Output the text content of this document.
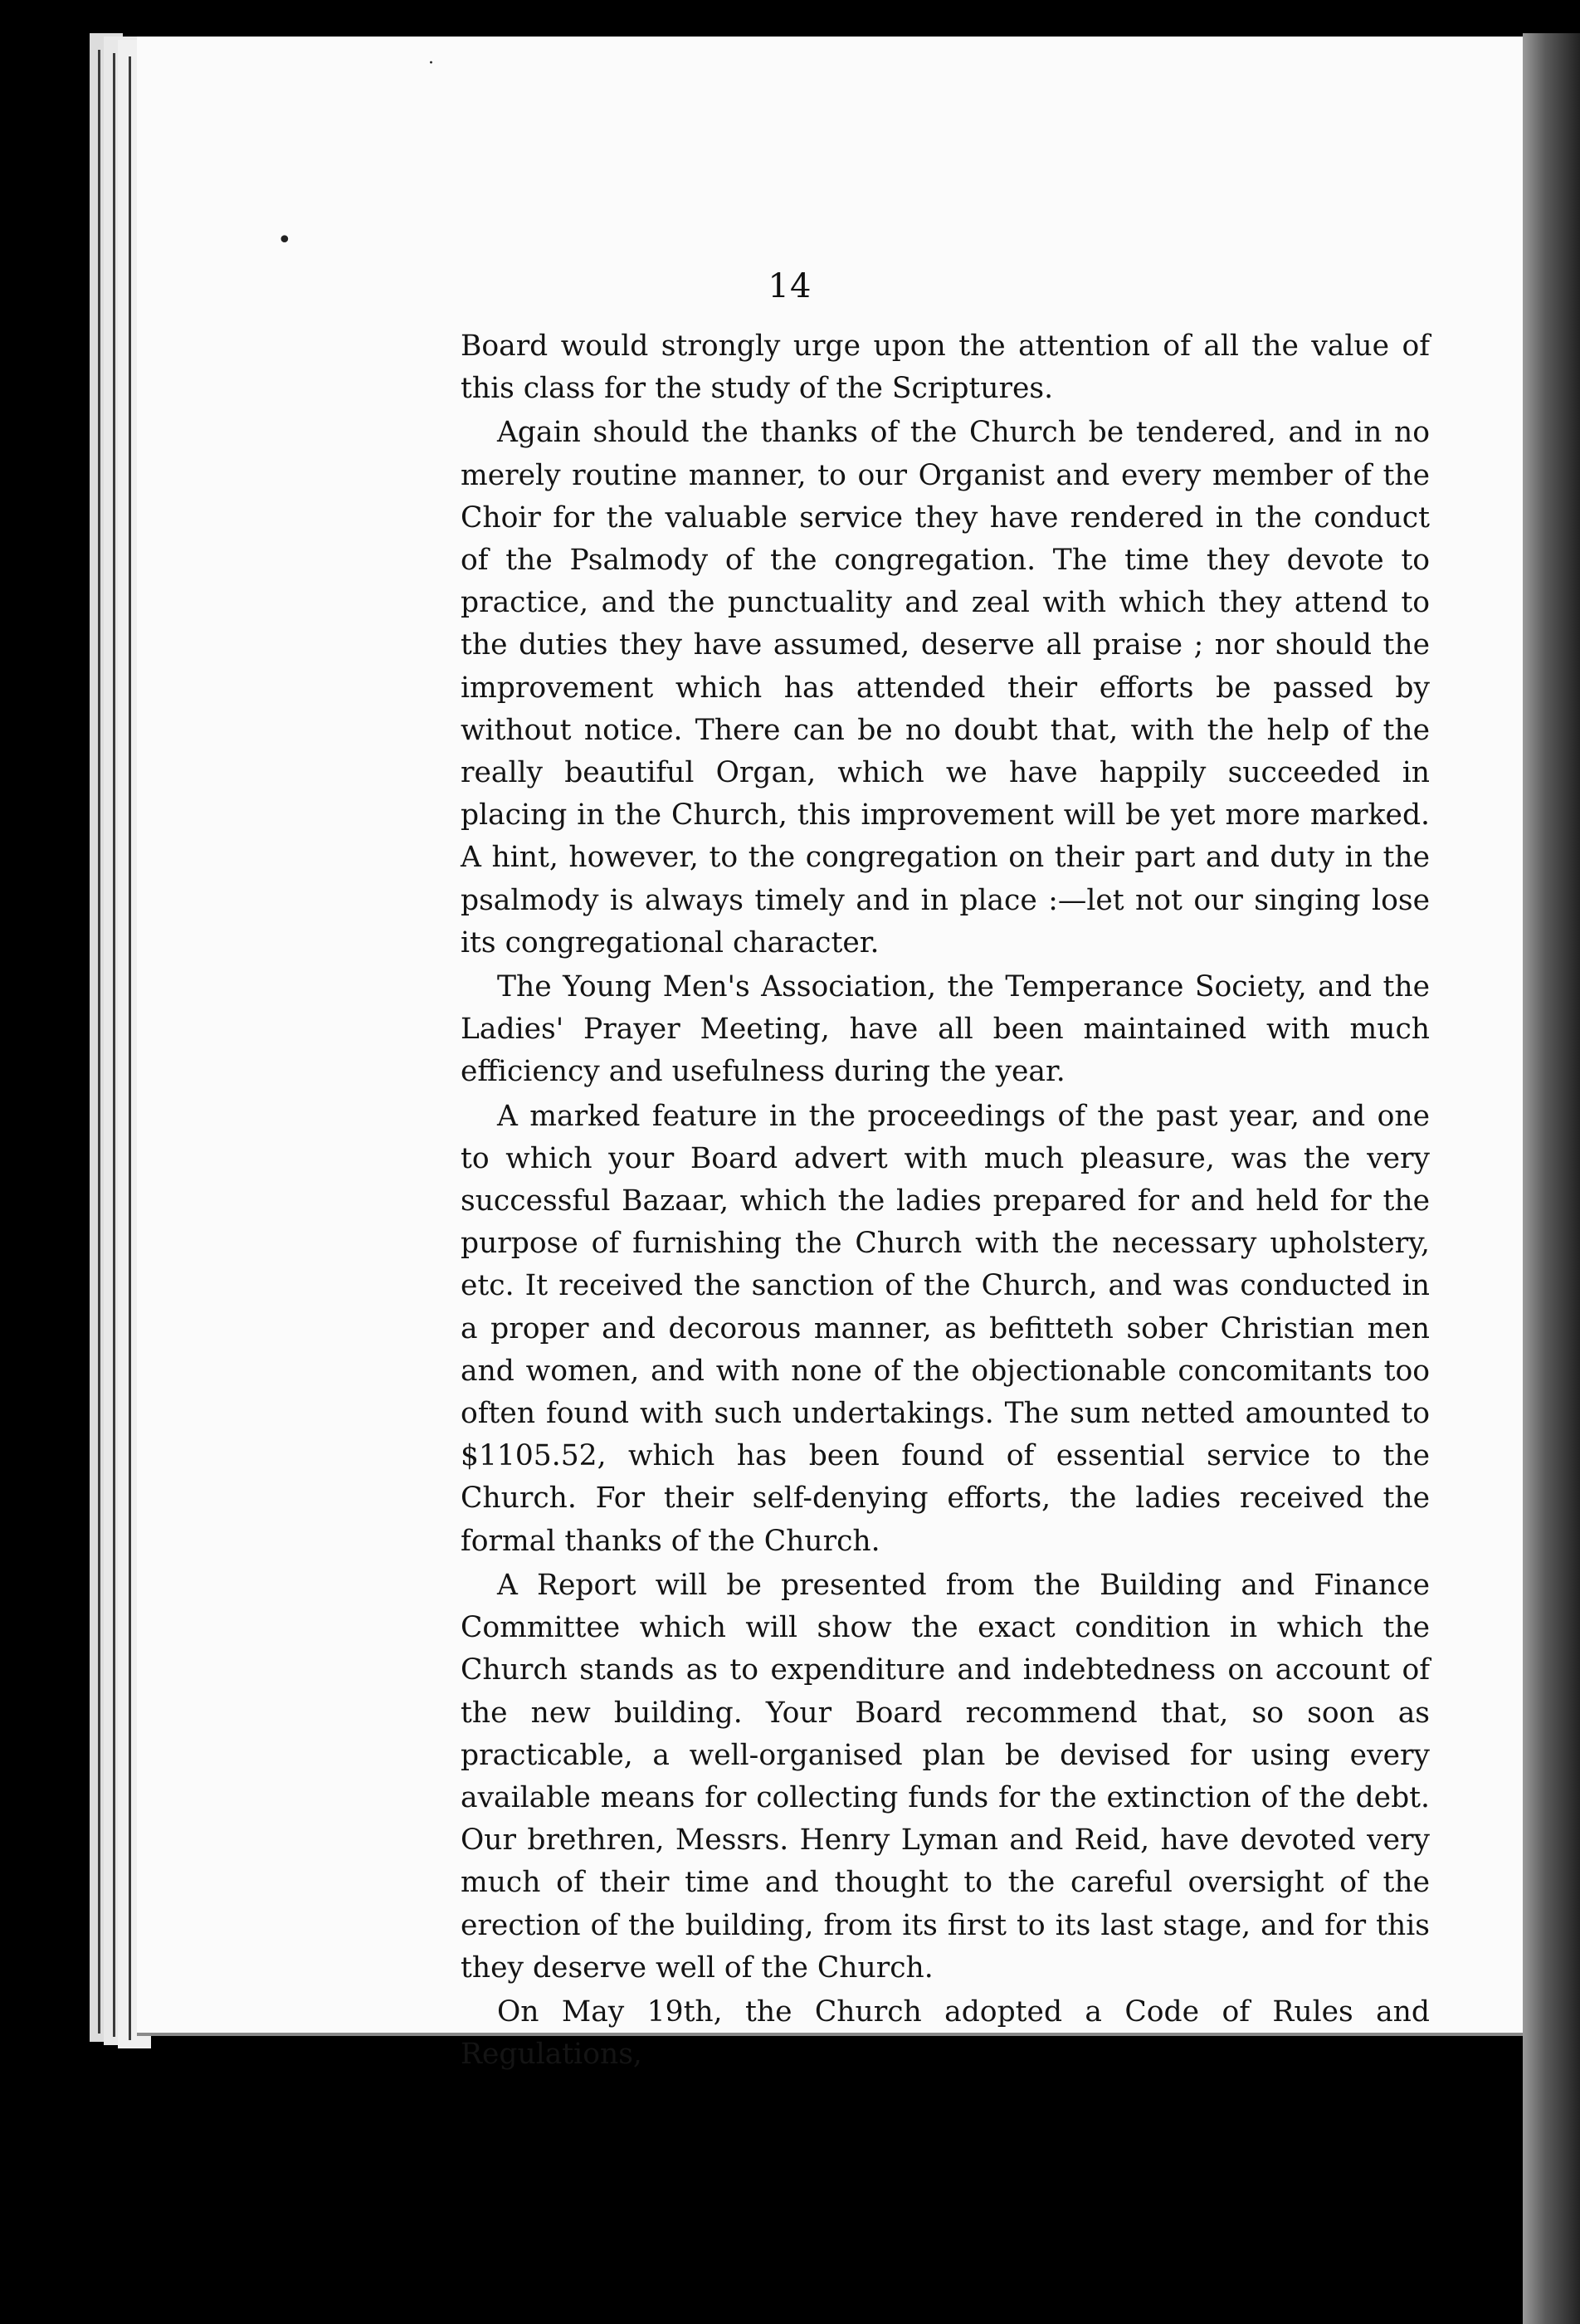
·
•
14

Board would strongly urge upon the attention of all the value of this class for the study of the Scriptures.

Again should the thanks of the Church be tendered, and in no merely routine manner, to our Organist and every member of the Choir for the valuable service they have rendered in the conduct of the Psalmody of the congregation. The time they devote to practice, and the punctuality and zeal with which they attend to the duties they have assumed, deserve all praise ; nor should the improvement which has attended their efforts be passed by without notice. There can be no doubt that, with the help of the really beautiful Organ, which we have happily succeeded in placing in the Church, this improvement will be yet more marked. A hint, however, to the congregation on their part and duty in the psalmody is always timely and in place :—let not our singing lose its congregational character.

The Young Men's Association, the Temperance Society, and the Ladies' Prayer Meeting, have all been maintained with much efficiency and usefulness during the year.

A marked feature in the proceedings of the past year, and one to which your Board advert with much pleasure, was the very successful Bazaar, which the ladies prepared for and held for the purpose of furnishing the Church with the necessary upholstery, etc. It received the sanction of the Church, and was conducted in a proper and decorous manner, as befitteth sober Christian men and women, and with none of the objectionable concomitants too often found with such undertakings. The sum netted amounted to $1105.52, which has been found of essential service to the Church. For their self-denying efforts, the ladies received the formal thanks of the Church.

A Report will be presented from the Building and Finance Committee which will show the exact condition in which the Church stands as to expenditure and indebtedness on account of the new building. Your Board recommend that, so soon as practicable, a well-organised plan be devised for using every available means for collecting funds for the extinction of the debt. Our brethren, Messrs. Henry Lyman and Reid, have devoted very much of their time and thought to the careful oversight of the erection of the building, from its first to its last stage, and for this they deserve well of the Church.

On May 19th, the Church adopted a Code of Rules and Regulations,
